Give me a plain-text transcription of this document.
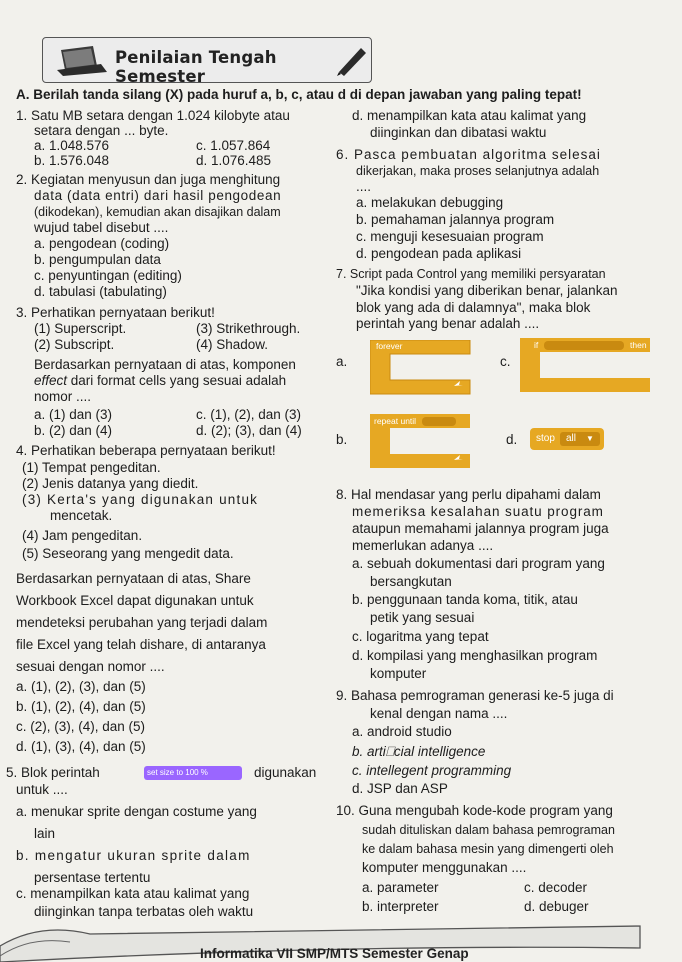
Penilaian Tengah Semester
A. Berilah tanda silang (X) pada huruf a, b, c, atau d di depan jawaban yang paling tepat!
1. Satu MB setara dengan 1.024 kilobyte atau
setara dengan ... byte.
a. 1.048.576	c. 1.057.864
b. 1.576.048	d. 1.076.485
2. Kegiatan menyusun dan juga menghitung
data (data entri) dari hasil pengodean
(dikodekan), kemudian akan disajikan dalam
wujud tabel disebut ....
a. pengodean (coding)
b. pengumpulan data
c. penyuntingan (editing)
d. tabulasi (tabulating)
3. Perhatikan pernyataan berikut!
(1) Superscript.	(3) Strikethrough.
(2) Subscript.	(4) Shadow.
Berdasarkan pernyataan di atas, komponen
effect dari format cells yang sesuai adalah
nomor ....
a. (1) dan (3)	c. (1), (2), dan (3)
b. (2) dan (4)	d. (2); (3), dan (4)
4. Perhatikan beberapa pernyataan berikut!
(1) Tempat pengeditan.
(2) Jenis datanya yang diedit.
(3) Kerta's yang digunakan untuk
mencetak.
(4) Jam pengeditan.
(5) Seseorang yang mengedit data.
Berdasarkan pernyataan di atas, Share
Workbook Excel dapat digunakan untuk
mendeteksi perubahan yang terjadi dalam
file Excel yang telah dishare, di antaranya
sesuai dengan nomor ....
a. (1), (2), (3), dan (5)
b. (1), (2), (4), dan (5)
c. (2), (3), (4), dan (5)
d. (1), (3), (4), dan (5)
5. Blok perintah	set size to 100 %	digunakan
untuk ....
a. menukar sprite dengan costume yang
lain
b. mengatur ukuran sprite dalam
persentase tertentu
c. menampilkan kata atau kalimat yang
diinginkan tanpa terbatas oleh waktu
d. menampilkan kata atau kalimat yang
diinginkan dan dibatasi waktu
6. Pasca pembuatan algoritma selesai
dikerjakan, maka proses selanjutnya adalah
....
a. melakukan debugging
b. pemahaman jalannya program
c. menguji kesesuaian program
d. pengodean pada aplikasi
7. Script pada Control yang memiliki persyaratan
"Jika kondisi yang diberikan benar, jalankan
blok yang ada di dalamnya", maka blok
perintah yang benar adalah ....
a.
forever
b.
repeat until
c.
if	then
d. stop all ▼
8. Hal mendasar yang perlu dipahami dalam
memeriksa kesalahan suatu program
ataupun memahami jalannya program juga
memerlukan adanya ....
a. sebuah dokumentasi dari program yang
bersangkutan
b. penggunaan tanda koma, titik, atau
petik yang sesuai
c. logaritma yang tepat
d. kompilasi yang menghasilkan program
komputer
9. Bahasa pemrograman generasi ke-5 juga di
kenal dengan nama ....
a. android studio
b. arti⎕cial intelligence
c. intellegent programming
d. JSP dan ASP
10. Guna mengubah kode-kode program yang
sudah dituliskan dalam bahasa pemrograman
ke dalam bahasa mesin yang dimengerti oleh
komputer menggunakan ....
a. parameter	c. decoder
b. interpreter	d. debuger
Informatika VII SMP/MTS Semester Genap
